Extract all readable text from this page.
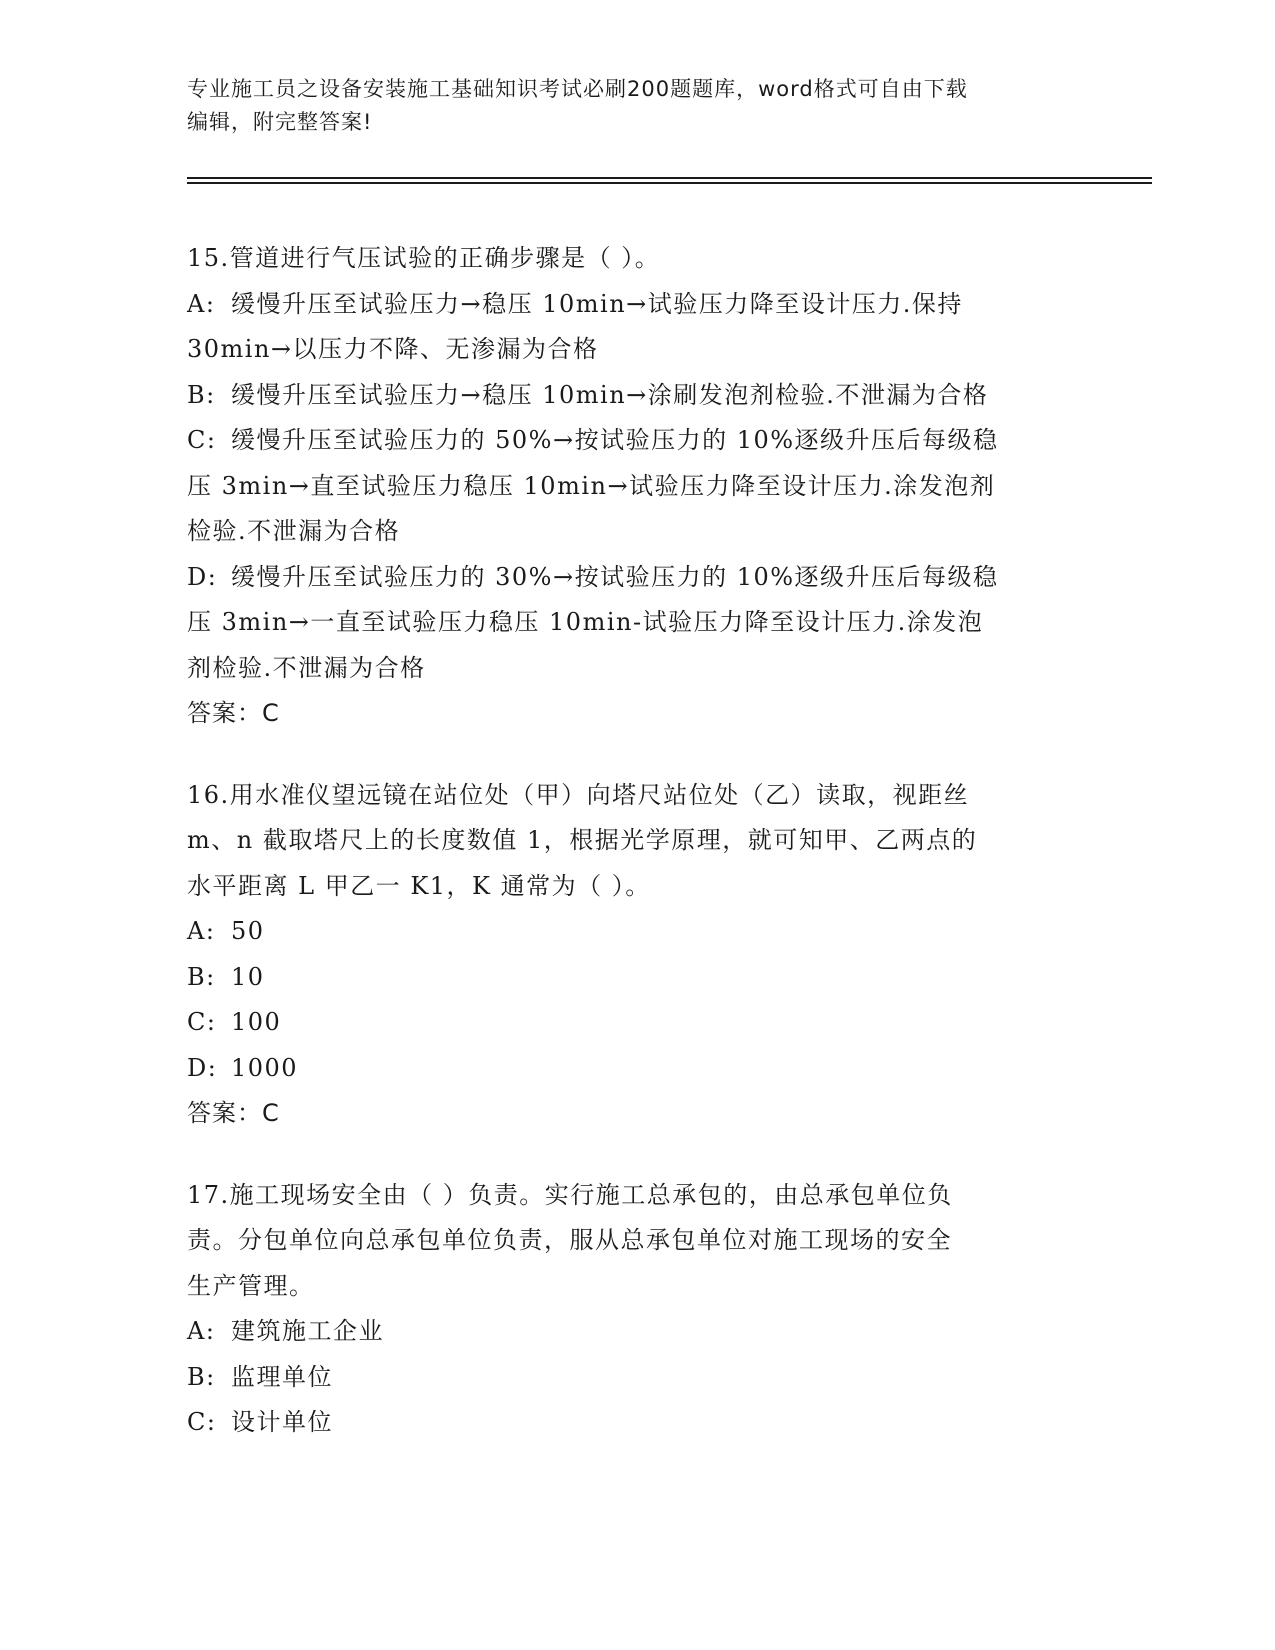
专业施工员之设备安装施工基础知识考试必刷200题题库，word格式可自由下载
编辑，附完整答案!
15.管道进行气压试验的正确步骤是（ ）。
A: 缓慢升压至试验压力→稳压 10min→试验压力降至设计压力.保持
30min→以压力不降、无渗漏为合格
B: 缓慢升压至试验压力→稳压 10min→涂刷发泡剂检验.不泄漏为合格
C: 缓慢升压至试验压力的 50%→按试验压力的 10%逐级升压后每级稳
压 3min→直至试验压力稳压 10min→试验压力降至设计压力.涂发泡剂
检验.不泄漏为合格
D: 缓慢升压至试验压力的 30%→按试验压力的 10%逐级升压后每级稳
压 3min→一直至试验压力稳压 10min-试验压力降至设计压力.涂发泡
剂检验.不泄漏为合格
答案：C
16.用水准仪望远镜在站位处（甲）向塔尺站位处（乙）读取，视距丝
m、n 截取塔尺上的长度数值 1，根据光学原理，就可知甲、乙两点的
水平距离 L 甲乙一 K1，K 通常为（ ）。
A: 50
B: 10
C: 100
D: 1000
答案：C
17.施工现场安全由（ ）负责。实行施工总承包的，由总承包单位负
责。分包单位向总承包单位负责，服从总承包单位对施工现场的安全
生产管理。
A: 建筑施工企业
B: 监理单位
C: 设计单位
